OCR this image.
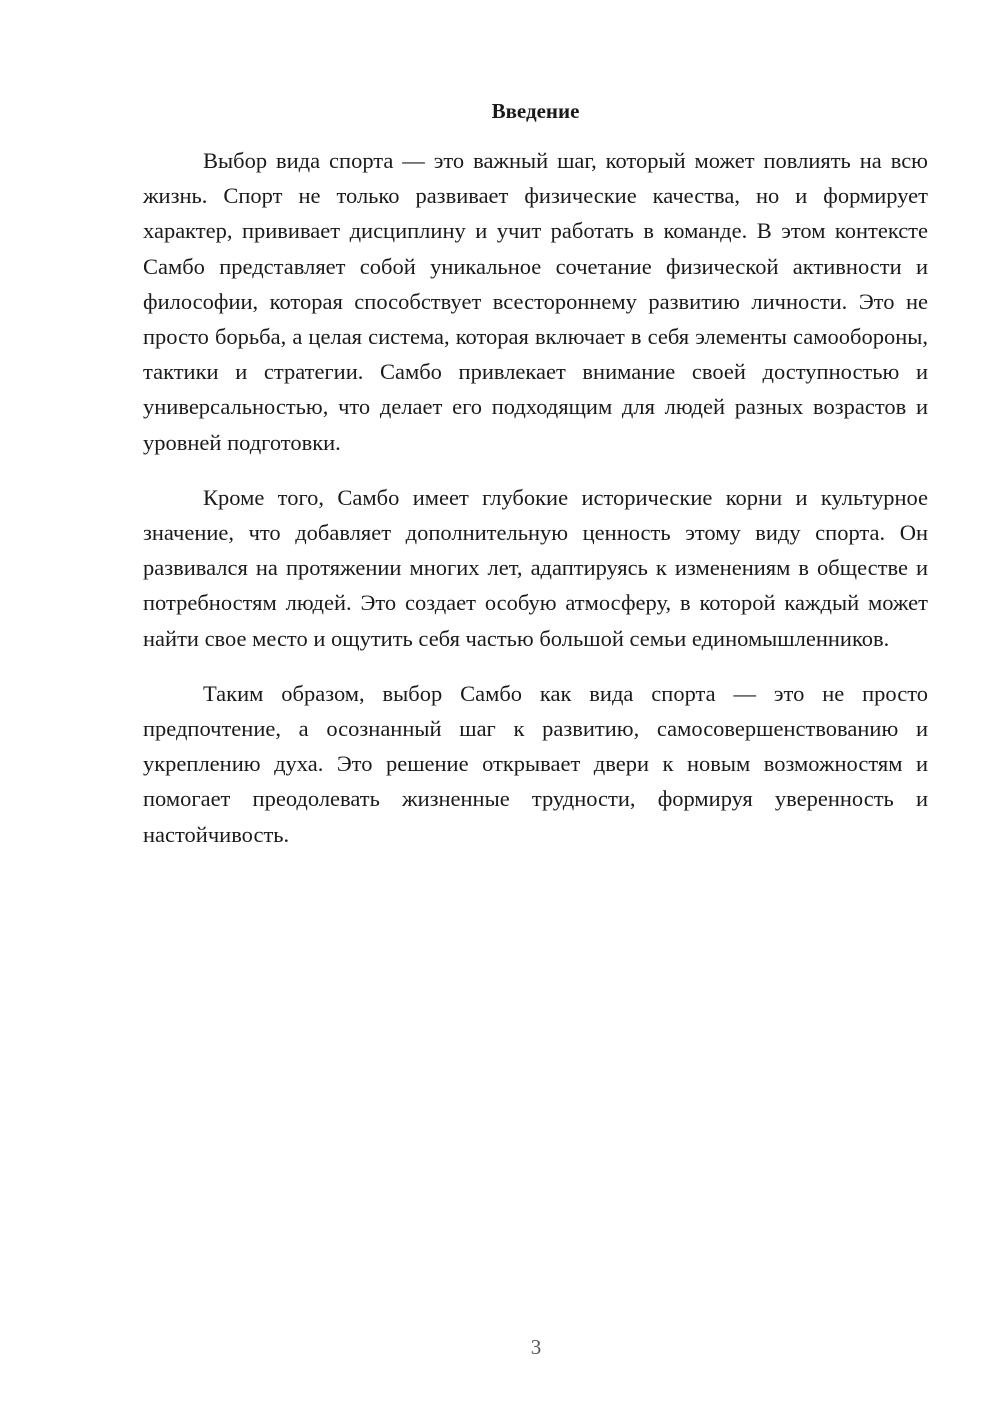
Введение

Выбор вида спорта — это важный шаг, который может повлиять на всю жизнь. Спорт не только развивает физические качества, но и формирует характер, прививает дисциплину и учит работать в команде. В этом контексте Самбо представляет собой уникальное сочетание физической активности и философии, которая способствует всестороннему развитию личности. Это не просто борьба, а целая система, которая включает в себя элементы самообороны, тактики и стратегии. Самбо привлекает внимание своей доступностью и универсальностью, что делает его подходящим для людей разных возрастов и уровней подготовки.

Кроме того, Самбо имеет глубокие исторические корни и культурное значение, что добавляет дополнительную ценность этому виду спорта. Он развивался на протяжении многих лет, адаптируясь к изменениям в обществе и потребностям людей. Это создает особую атмосферу, в которой каждый может найти свое место и ощутить себя частью большой семьи единомышленников.

Таким образом, выбор Самбо как вида спорта — это не просто предпочтение, а осознанный шаг к развитию, самосовершенствованию и укреплению духа. Это решение открывает двери к новым возможностям и помогает преодолевать жизненные трудности, формируя уверенность и настойчивость.

3
